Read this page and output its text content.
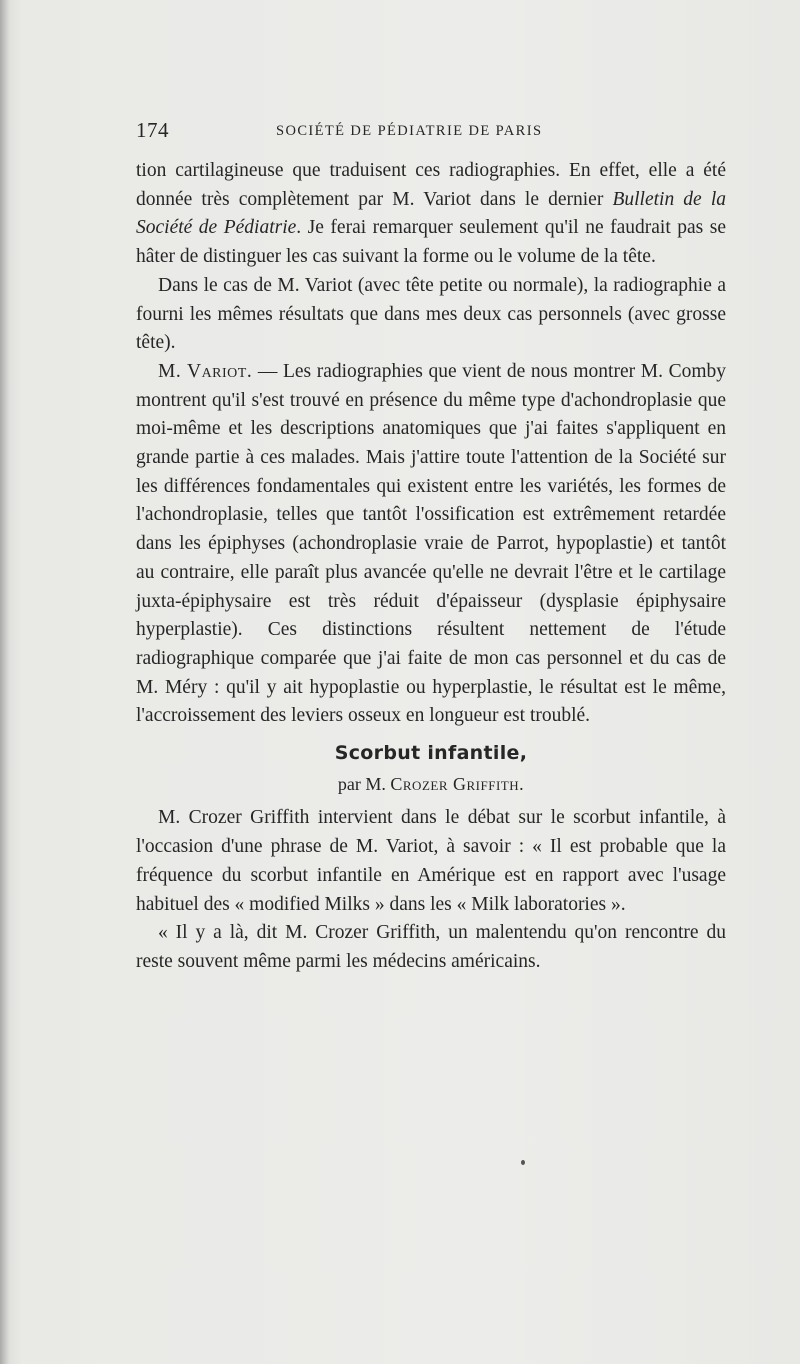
174	SOCIÉTÉ DE PÉDIATRIE DE PARIS

tion cartilagineuse que traduisent ces radiographies. En effet, elle a été donnée très complètement par M. Variot dans le dernier Bulletin de la Société de Pédiatrie. Je ferai remarquer seulement qu'il ne faudrait pas se hâter de distinguer les cas suivant la forme ou le volume de la tête.

Dans le cas de M. Variot (avec tête petite ou normale), la radiographie a fourni les mêmes résultats que dans mes deux cas personnels (avec grosse tête).

M. Variot. — Les radiographies que vient de nous montrer M. Comby montrent qu'il s'est trouvé en présence du même type d'achondroplasie que moi-même et les descriptions anatomiques que j'ai faites s'appliquent en grande partie à ces malades. Mais j'attire toute l'attention de la Société sur les différences fondamentales qui existent entre les variétés, les formes de l'achondroplasie, telles que tantôt l'ossification est extrêmement retardée dans les épiphyses (achondroplasie vraie de Parrot, hypoplastie) et tantôt au contraire, elle paraît plus avancée qu'elle ne devrait l'être et le cartilage juxta-épiphysaire est très réduit d'épaisseur (dysplasie épiphysaire hyperplastie). Ces distinctions résultent nettement de l'étude radiographique comparée que j'ai faite de mon cas personnel et du cas de M. Méry : qu'il y ait hypoplastie ou hyperplastie, le résultat est le même, l'accroissement des leviers osseux en longueur est troublé.

Scorbut infantile,
par M. Crozer Griffith.

M. Crozer Griffith intervient dans le débat sur le scorbut infantile, à l'occasion d'une phrase de M. Variot, à savoir : « Il est probable que la fréquence du scorbut infantile en Amérique est en rapport avec l'usage habituel des « modified Milks » dans les « Milk laboratories ».

« Il y a là, dit M. Crozer Griffith, un malentendu qu'on rencontre du reste souvent même parmi les médecins américains.
